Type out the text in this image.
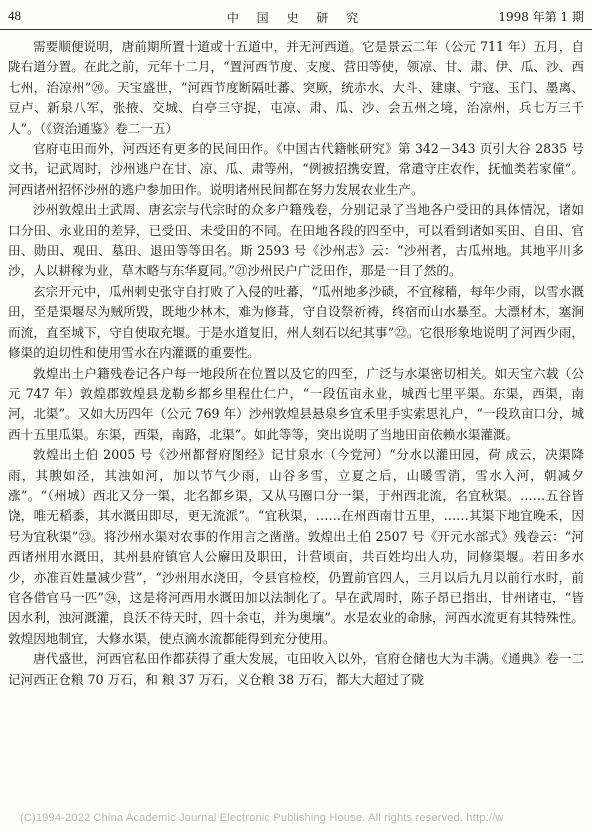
48	中 国 史 研 究	1998 年第 1 期

需要顺便说明，唐前期所置十道或十五道中，并无河西道。它是景云二年（公元 711 年）五月，自陇右道分置。在此之前，元年十二月，“置河西节度、支度、营田等使，领凉、甘、肃、伊、瓜、沙、西七州，治凉州”⑳。天宝盛世，“河西节度断隔吐蕃、突厥，统赤水、大斗、建康、宁寇、玉门、墨离、豆卢、新泉八军，张掖、交城、白亭三守捉，屯凉、肃、瓜、沙、会五州之境，治凉州，兵七万三千人”。（《资治通鉴》卷二一五）

官府屯田而外，河西还有更多的民间田作。《中国古代籍帐研究》第 342－343 页引大谷 2835 号文书，记武周时，沙州逃户在甘、凉、瓜、肃等州，“例被招携安置，常遣守庄农作，抚恤类若家僮”。河西诸州招怀沙州的逃户参加田作。说明诸州民间都在努力发展农业生产。

沙州敦煌出土武周、唐玄宗与代宗时的众多户籍残卷，分别记录了当地各户受田的具体情况，诸如口分田、永业田的差异，已受田、未受田的不同。在田地各段的四至中，可以看到诸如买田、自田、官田、勋田、观田、墓田、退田等等田名。斯 2593 号《沙州志》云：“沙州者，古瓜州地。其地平川多沙，人以耕稼为业，草木略与东华夏同。”㉑沙州民户广泛田作，那是一目了然的。

玄宗开元中，瓜州刺史张守自打败了入侵的吐蕃，“瓜州地多沙碛，不宜稼穑，每年少雨，以雪水溉田，至是渠堰尽为贼所毁，既地少林木，难为修葺，守自设祭祈祷，终宿而山水暴至。大漂材木，塞涧而流，直至城下，守自使取充堰。于是水道复旧，州人刻石以纪其事”㉒。它很形象地说明了河西少雨，修渠的迫切性和使用雪水在内灌溉的重要性。

敦煌出土户籍残卷记各户每一地段所在位置以及它的四至，广泛与水渠密切相关。如天宝六载（公元 747 年）敦煌郡敦煌县龙勒乡都乡里程仕仁户，“一段伍亩永业，城西七里平渠。东渠，西渠，南河，北渠”。又如大历四年（公元 769 年）沙州敦煌县悬泉乡宜禾里手实索思礼户，“一段玖亩口分，城西十五里瓜渠。东渠，西渠，南路，北渠”。如此等等，突出说明了当地田亩依赖水渠灌溉。

敦煌出土伯 2005 号《沙州都督府图经》记甘泉水（今党河）“分水以灌田园，荷 成云，决渠降雨，其腴如泾，其浊如河，加以节气少雨，山谷多雪，立夏之后，山暖雪消，雪水入河，朝减夕涨”。“（州城）西北又分一渠，北名都乡渠，又从马圈口分一渠，于州西北流，名宜秋渠。……五谷皆饶，唯无稻黍，其水溉田即尽，更无流派”。“宜秋渠，……在州西南廿五里，……其渠下地宜晚禾，因号为宜秋渠”㉓。将沙州水渠对农事的作用言之凿凿。敦煌出土伯 2507 号《开元水部式》残卷云：“河西诸州用水溉田，其州县府镇官人公廨田及职田，计营顷亩，共百姓均出人功，同修渠堰。若田多水少，亦准百姓量减少营”，“沙州用水浇田，令县官检校，仍置前官四人，三月以后九月以前行水时，前官各借官马一匹”㉔，这是将河西用水溉田加以法制化了。早在武周时，陈子昂已指出，甘州诸屯，“皆因水利，浊河溉灌，良沃不待天时，四十余屯，并为奥壤”。水是农业的命脉，河西水流更有其特殊性。敦煌因地制宜，大修水渠，使点滴水流都能得到充分使用。

唐代盛世，河西官私田作都获得了重大发展，屯田收入以外，官府仓储也大为丰满。《通典》卷一二记河西正仓粮 70 万石，和 粮 37 万石，义仓粮 38 万石，都大大超过了陇

(C)1994-2022 China Academic Journal Electronic Publishing House. All rights reserved. http://w
